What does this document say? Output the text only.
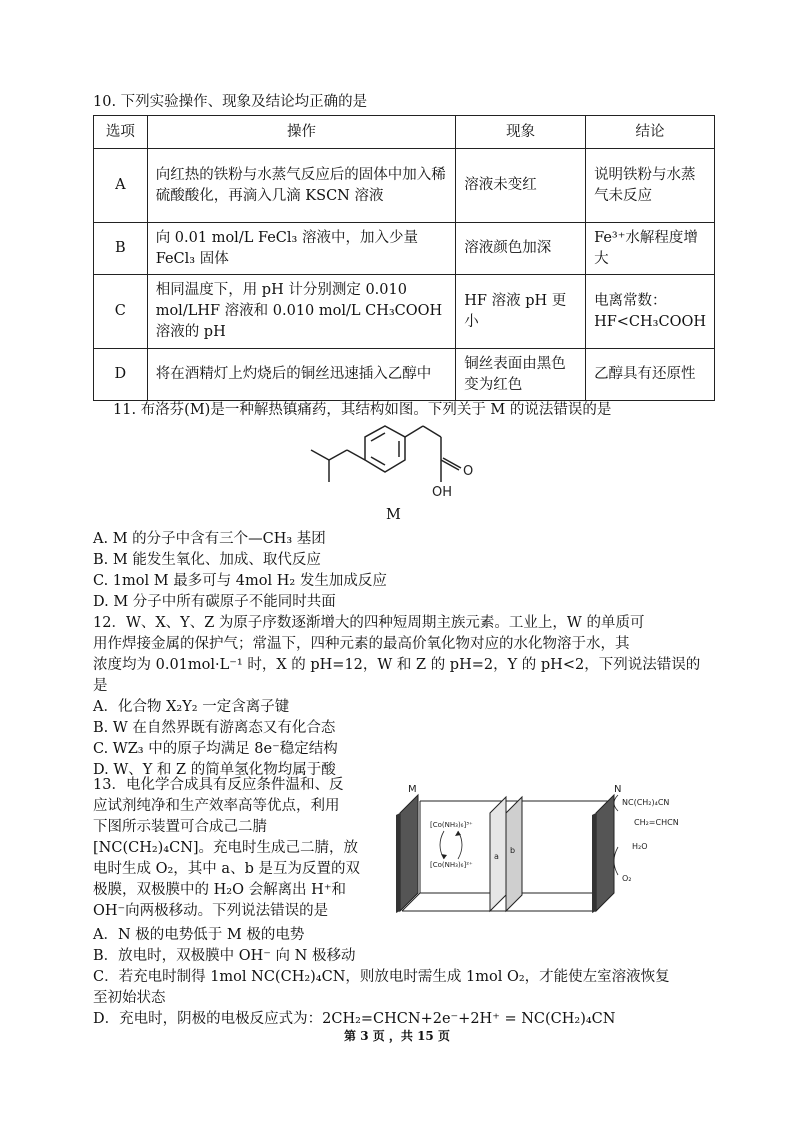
10. 下列实验操作、现象及结论均正确的是
选项	操作	现象	结论
A	向红热的铁粉与水蒸气反应后的固体中加入稀硫酸酸化，再滴入几滴 KSCN 溶液	溶液未变红	说明铁粉与水蒸气未反应
B	向 0.01 mol/L FeCl₃ 溶液中，加入少量 FeCl₃ 固体	溶液颜色加深	Fe³⁺水解程度增大
C	相同温度下，用 pH 计分别测定 0.010 mol/LHF 溶液和 0.010 mol/L CH₃COOH 溶液的 pH	HF 溶液 pH 更小	电离常数：HF<CH₃COOH
D	将在酒精灯上灼烧后的铜丝迅速插入乙醇中	铜丝表面由黑色变为红色	乙醇具有还原性
11. 布洛芬(M)是一种解热镇痛药，其结构如图。下列关于 M 的说法错误的是
O
OH
M
A. M 的分子中含有三个—CH₃ 基团
B. M 能发生氧化、加成、取代反应
C. 1mol M 最多可与 4mol H₂ 发生加成反应
D. M 分子中所有碳原子不能同时共面
12．W、X、Y、Z 为原子序数逐渐增大的四种短周期主族元素。工业上，W 的单质可
用作焊接金属的保护气；常温下，四种元素的最高价氧化物对应的水化物溶于水，其
浓度均为 0.01mol·L⁻¹ 时，X 的 pH=12，W 和 Z 的 pH=2，Y 的 pH<2，下列说法错误的
是
A．化合物 X₂Y₂ 一定含离子键
B. W 在自然界既有游离态又有化合态
C. WZ₃ 中的原子均满足 8e⁻稳定结构
D. W、Y 和 Z 的简单氢化物均属于酸
13．电化学合成具有反应条件温和、反
应试剂纯净和生产效率高等优点，利用
下图所示装置可合成己二腈
[NC(CH₂)₄CN]。充电时生成己二腈，放
电时生成 O₂，其中 a、b 是互为反置的双
极膜，双极膜中的 H₂O 会解离出 H⁺和
OH⁻向两极移动。下列说法错误的是
M	N
a
b
[Co(NH₃)₆]³⁺
[Co(NH₃)₆]²⁺
NC(CH₂)₄CN
CH₂=CHCN
H₂O
O₂
A．N 极的电势低于 M 极的电势
B．放电时，双极膜中 OH⁻ 向 N 极移动
C．若充电时制得 1mol NC(CH₂)₄CN，则放电时需生成 1mol O₂，才能使左室溶液恢复
至初始状态
D．充电时，阴极的电极反应式为：2CH₂=CHCN+2e⁻+2H⁺ = NC(CH₂)₄CN
第 3 页 ，共 15 页
